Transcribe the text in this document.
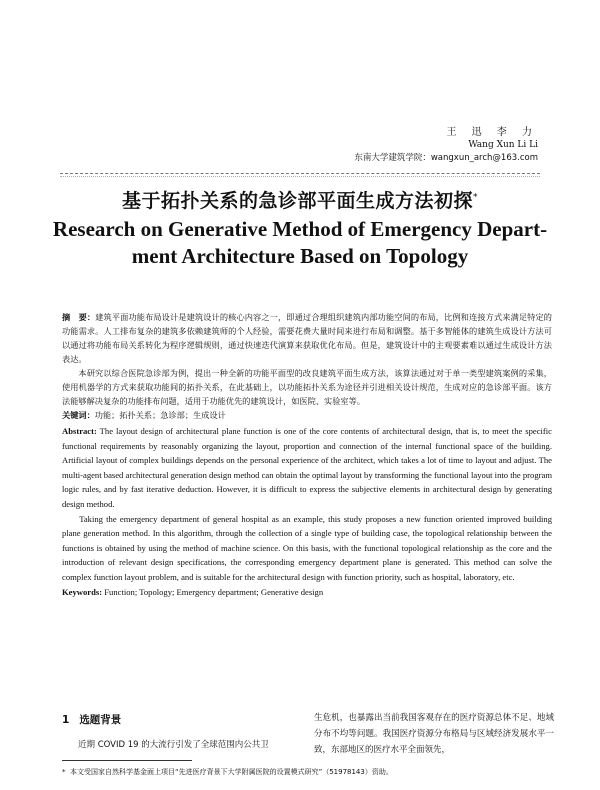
王 迅 李 力
Wang Xun Li Li
东南大学建筑学院：wangxun_arch@163.com
基于拓扑关系的急诊部平面生成方法初探*
Research on Generative Method of Emergency Depart-
ment Architecture Based on Topology

摘　要：建筑平面功能布局设计是建筑设计的核心内容之一，即通过合理组织建筑内部功能空间的布局，比例和连接方式来满足特定的功能需求。人工排布复杂的建筑多依赖建筑师的个人经验，需要花费大量时间来进行布局和调整。基于多智能体的建筑生成设计方法可以通过将功能布局关系转化为程序逻辑规则，通过快速迭代演算来获取优化布局。但是，建筑设计中的主观要素难以通过生成设计方法表达。

本研究以综合医院急诊部为例，提出一种全新的功能平面型的改良建筑平面生成方法，该算法通过对于单一类型建筑案例的采集，使用机器学的方式来获取功能间的拓扑关系，在此基础上，以功能拓扑关系为途径并引进相关设计规范，生成对应的急诊部平面。该方法能够解决复杂的功能排布问题，适用于功能优先的建筑设计，如医院、实验室等。

关键词：功能；拓扑关系；急诊部；生成设计

Abstract: The layout design of architectural plane function is one of the core contents of architectural design, that is, to meet the specific functional requirements by reasonably organizing the layout, proportion and connection of the internal functional space of the building. Artificial layout of complex buildings depends on the personal experience of the architect, which takes a lot of time to layout and adjust. The multi-agent based architectural generation design method can obtain the optimal layout by transforming the functional layout into the program logic rules, and by fast iterative deduction. However, it is difficult to express the subjective elements in architectural design by generating design method.

Taking the emergency department of general hospital as an example, this study proposes a new function oriented improved building plane generation method. In this algorithm, through the collection of a single type of building case, the topological relationship between the functions is obtained by using the method of machine science. On this basis, with the functional topological relationship as the core and the introduction of relevant design specifications, the corresponding emergency department plane is generated. This method can solve the complex function layout problem, and is suitable for the architectural design with function priority, such as hospital, laboratory, etc.

Keywords: Function; Topology; Emergency department; Generative design

1 选题背景
近期 COVID 19 的大流行引发了全球范围内公共卫
生危机，也暴露出当前我国客观存在的医疗资源总体不足、地域分布不均等问题。我国医疗资源分布格局与区域经济发展水平一致，东部地区的医疗水平全面领先，
* 本文受国家自然科学基金面上项目“先进医疗背景下大学附属医院的设置模式研究”（51978143）资助。
